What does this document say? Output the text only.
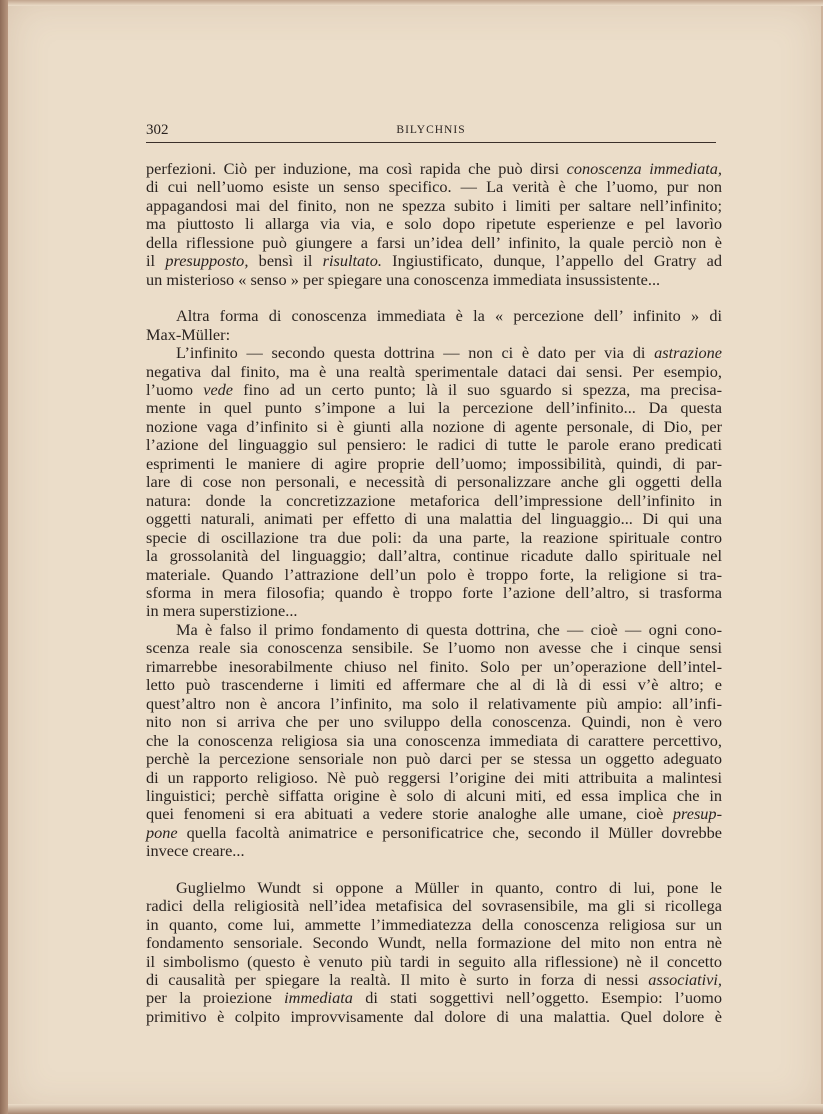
302	BILYCHNIS

perfezioni. Ciò per induzione, ma così rapida che può dirsi conoscenza immediata,
di cui nell’uomo esiste un senso specifico. — La verità è che l’uomo, pur non
appagandosi mai del finito, non ne spezza subito i limiti per saltare nell’infinito;
ma piuttosto li allarga via via, e solo dopo ripetute esperienze e pel lavorìo
della riflessione può giungere a farsi un’idea dell’ infinito, la quale perciò non è
il presupposto, bensì il risultato. Ingiustificato, dunque, l’appello del Gratry ad
un misterioso « senso » per spiegare una conoscenza immediata insussistente...

Altra forma di conoscenza immediata è la « percezione dell’ infinito » di
Max-Müller:

L’infinito — secondo questa dottrina — non ci è dato per via di astrazione
negativa dal finito, ma è una realtà sperimentale dataci dai sensi. Per esempio,
l’uomo vede fino ad un certo punto; là il suo sguardo si spezza, ma precisa-
mente in quel punto s’impone a lui la percezione dell’infinito... Da questa
nozione vaga d’infinito si è giunti alla nozione di agente personale, di Dio, per
l’azione del linguaggio sul pensiero: le radici di tutte le parole erano predicati
esprimenti le maniere di agire proprie dell’uomo; impossibilità, quindi, di par-
lare di cose non personali, e necessità di personalizzare anche gli oggetti della
natura: donde la concretizzazione metaforica dell’impressione dell’infinito in
oggetti naturali, animati per effetto di una malattia del linguaggio... Di qui una
specie di oscillazione tra due poli: da una parte, la reazione spirituale contro
la grossolanità del linguaggio; dall’altra, continue ricadute dallo spirituale nel
materiale. Quando l’attrazione dell’un polo è troppo forte, la religione si tra-
sforma in mera filosofia; quando è troppo forte l’azione dell’altro, si trasforma
in mera superstizione...

Ma è falso il primo fondamento di questa dottrina, che — cioè — ogni cono-
scenza reale sia conoscenza sensibile. Se l’uomo non avesse che i cinque sensi
rimarrebbe inesorabilmente chiuso nel finito. Solo per un’operazione dell’intel-
letto può trascenderne i limiti ed affermare che al di là di essi v’è altro; e
quest’altro non è ancora l’infinito, ma solo il relativamente più ampio: all’infi-
nito non si arriva che per uno sviluppo della conoscenza. Quindi, non è vero
che la conoscenza religiosa sia una conoscenza immediata di carattere percettivo,
perchè la percezione sensoriale non può darci per se stessa un oggetto adeguato
di un rapporto religioso. Nè può reggersi l’origine dei miti attribuita a malintesi
linguistici; perchè siffatta origine è solo di alcuni miti, ed essa implica che in
quei fenomeni si era abituati a vedere storie analoghe alle umane, cioè presup-
pone quella facoltà animatrice e personificatrice che, secondo il Müller dovrebbe
invece creare...

Guglielmo Wundt si oppone a Müller in quanto, contro di lui, pone le
radici della religiosità nell’idea metafisica del sovrasensibile, ma gli si ricollega
in quanto, come lui, ammette l’immediatezza della conoscenza religiosa sur un
fondamento sensoriale. Secondo Wundt, nella formazione del mito non entra nè
il simbolismo (questo è venuto più tardi in seguito alla riflessione) nè il concetto
di causalità per spiegare la realtà. Il mito è surto in forza di nessi associativi,
per la proiezione immediata di stati soggettivi nell’oggetto. Esempio: l’uomo
primitivo è colpito improvvisamente dal dolore di una malattia. Quel dolore è
